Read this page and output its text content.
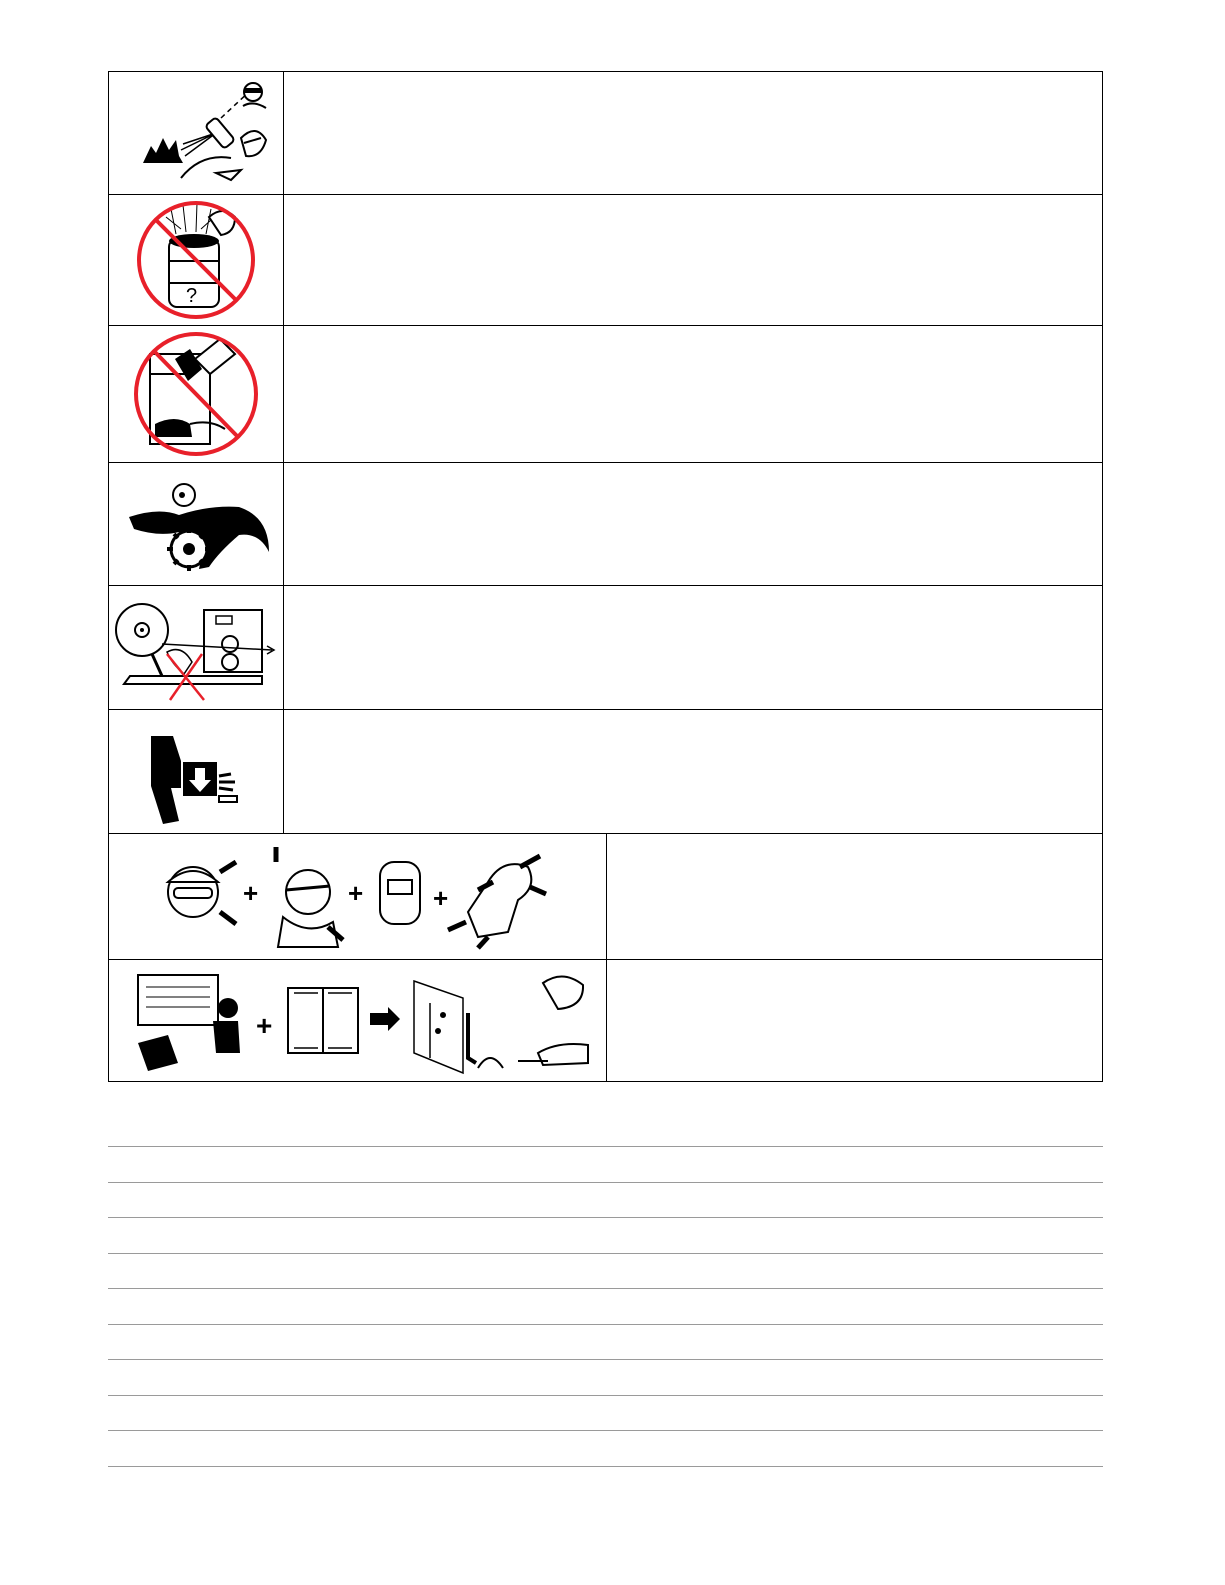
?
+	+	+
+
